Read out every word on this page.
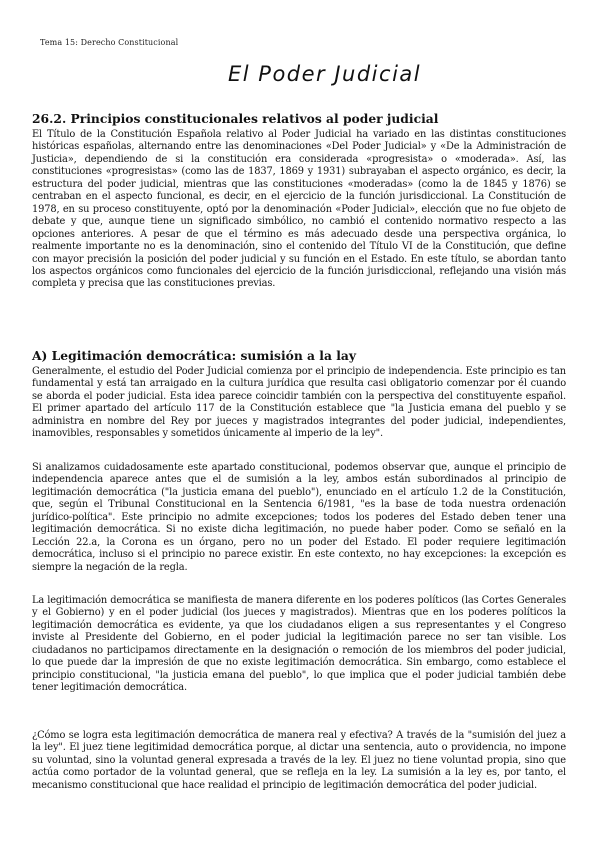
Tema 15: Derecho Constitucional
El Poder Judicial
26.2. Principios constitucionales relativos al poder judicial

El Título de la Constitución Española relativo al Poder Judicial ha variado en las distintas constituciones históricas españolas, alternando entre las denominaciones «Del Poder Judicial» y «De la Administración de Justicia», dependiendo de si la constitución era considerada «progresista» o «moderada». Así, las constituciones «progresistas» (como las de 1837, 1869 y 1931) subrayaban el aspecto orgánico, es decir, la estructura del poder judicial, mientras que las constituciones «moderadas» (como la de 1845 y 1876) se centraban en el aspecto funcional, es decir, en el ejercicio de la función jurisdiccional. La Constitución de 1978, en su proceso constituyente, optó por la denominación «Poder Judicial», elección que no fue objeto de debate y que, aunque tiene un significado simbólico, no cambió el contenido normativo respecto a las opciones anteriores. A pesar de que el término es más adecuado desde una perspectiva orgánica, lo realmente importante no es la denominación, sino el contenido del Título VI de la Constitución, que define con mayor precisión la posición del poder judicial y su función en el Estado. En este título, se abordan tanto los aspectos orgánicos como funcionales del ejercicio de la función jurisdiccional, reflejando una visión más completa y precisa que las constituciones previas.

A) Legitimación democrática: sumisión a la lay

Generalmente, el estudio del Poder Judicial comienza por el principio de independencia. Este principio es tan fundamental y está tan arraigado en la cultura jurídica que resulta casi obligatorio comenzar por él cuando se aborda el poder judicial. Esta idea parece coincidir también con la perspectiva del constituyente español. El primer apartado del artículo 117 de la Constitución establece que "la Justicia emana del pueblo y se administra en nombre del Rey por jueces y magistrados integrantes del poder judicial, independientes, inamovibles, responsables y sometidos únicamente al imperio de la ley".

Si analizamos cuidadosamente este apartado constitucional, podemos observar que, aunque el principio de independencia aparece antes que el de sumisión a la ley, ambos están subordinados al principio de legitimación democrática ("la justicia emana del pueblo"), enunciado en el artículo 1.2 de la Constitución, que, según el Tribunal Constitucional en la Sentencia 6/1981, "es la base de toda nuestra ordenación jurídico-política". Este principio no admite excepciones; todos los poderes del Estado deben tener una legitimación democrática. Si no existe dicha legitimación, no puede haber poder. Como se señaló en la Lección 22.a, la Corona es un órgano, pero no un poder del Estado. El poder requiere legitimación democrática, incluso si el principio no parece existir. En este contexto, no hay excepciones: la excepción es siempre la negación de la regla.

La legitimación democrática se manifiesta de manera diferente en los poderes políticos (las Cortes Generales y el Gobierno) y en el poder judicial (los jueces y magistrados). Mientras que en los poderes políticos la legitimación democrática es evidente, ya que los ciudadanos eligen a sus representantes y el Congreso inviste al Presidente del Gobierno, en el poder judicial la legitimación parece no ser tan visible. Los ciudadanos no participamos directamente en la designación o remoción de los miembros del poder judicial, lo que puede dar la impresión de que no existe legitimación democrática. Sin embargo, como establece el principio constitucional, "la justicia emana del pueblo", lo que implica que el poder judicial también debe tener legitimación democrática.

¿Cómo se logra esta legitimación democrática de manera real y efectiva? A través de la "sumisión del juez a la ley". El juez tiene legitimidad democrática porque, al dictar una sentencia, auto o providencia, no impone su voluntad, sino la voluntad general expresada a través de la ley. El juez no tiene voluntad propia, sino que actúa como portador de la voluntad general, que se refleja en la ley. La sumisión a la ley es, por tanto, el mecanismo constitucional que hace realidad el principio de legitimación democrática del poder judicial.
